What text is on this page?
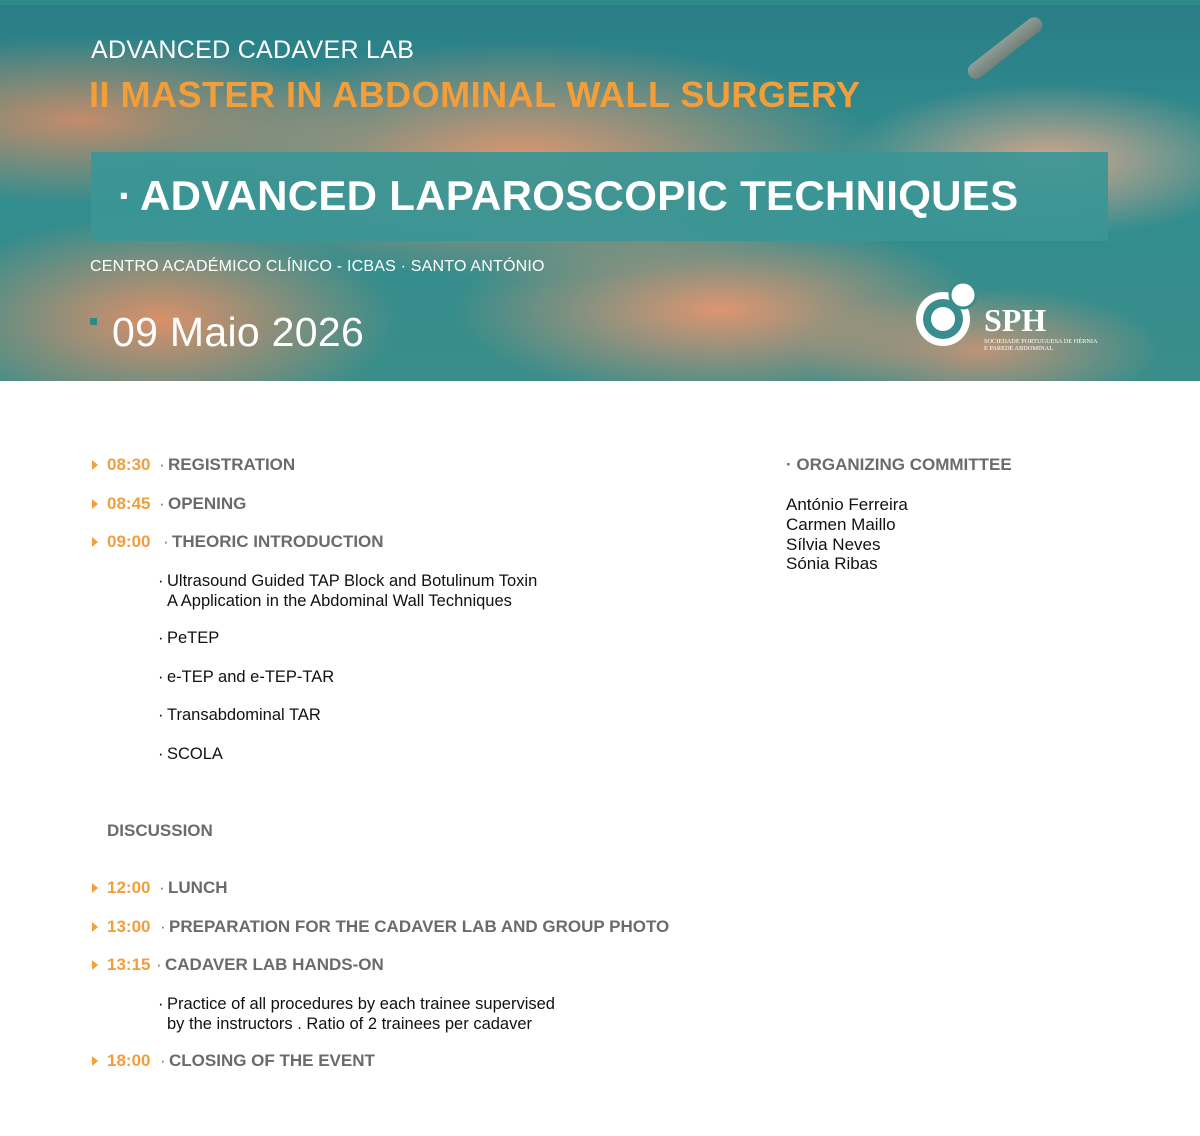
ADVANCED CADAVER LAB
II MASTER IN ABDOMINAL WALL SURGERY
· ADVANCED LAPAROSCOPIC TECHNIQUES
CENTRO ACADÉMICO CLÍNICO - ICBAS · SANTO ANTÓNIO
09 Maio 2026	SPH
SOCIEDADE PORTUGUESA DE HÉRNIA
E PAREDE ABDOMINAL
08:30 · REGISTRATION
08:45 · OPENING
09:00 · THEORIC INTRODUCTION
· Ultrasound Guided TAP Block and Botulinum Toxin
A Application in the Abdominal Wall Techniques
· PeTEP
· e-TEP and e-TEP-TAR
· Transabdominal TAR
· SCOLA
DISCUSSION
12:00 · LUNCH
13:00 · PREPARATION FOR THE CADAVER LAB AND GROUP PHOTO
13:15 · CADAVER LAB HANDS-ON
· Practice of all procedures by each trainee supervised
by the instructors . Ratio of 2 trainees per cadaver
18:00 · CLOSING OF THE EVENT
· ORGANIZING COMMITTEE
António Ferreira
Carmen Maillo
Sílvia Neves
Sónia Ribas
